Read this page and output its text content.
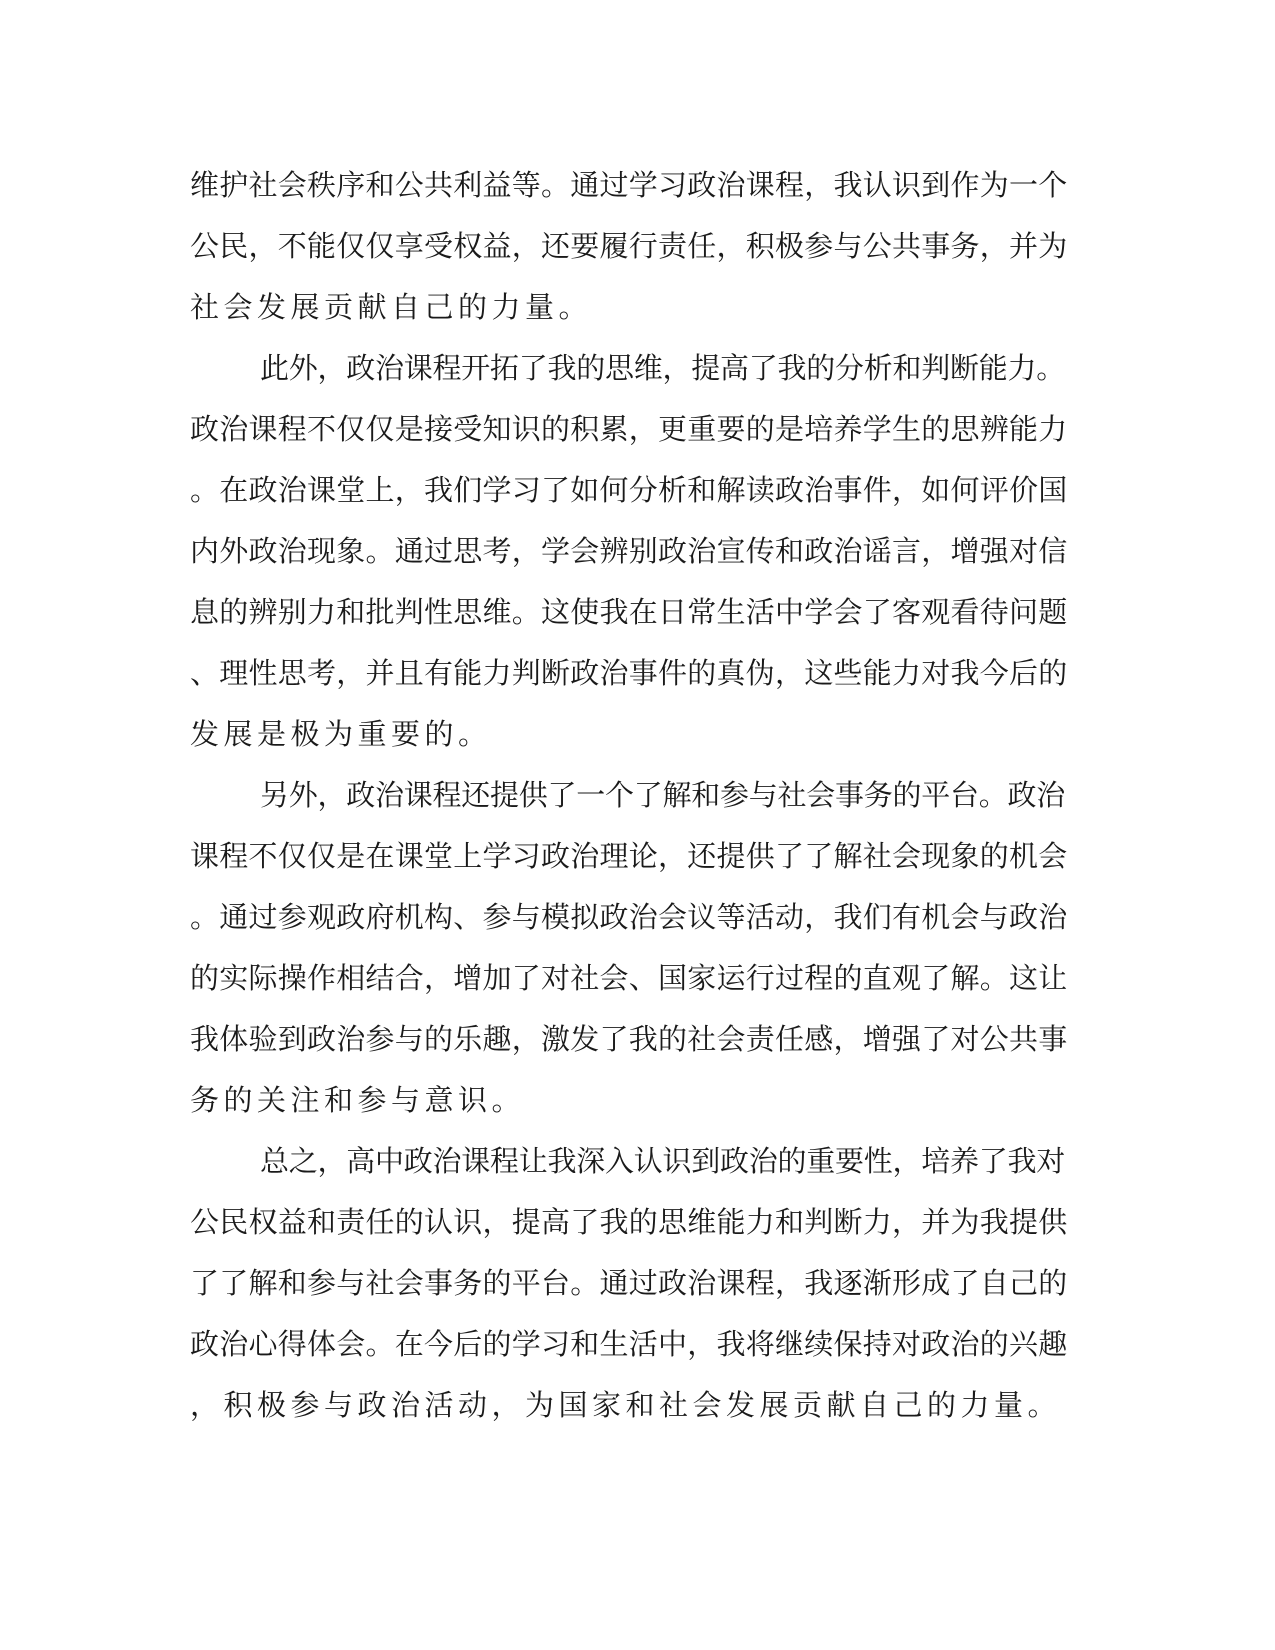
维护社会秩序和公共利益等。通过学习政治课程，我认识到作为一个
公民，不能仅仅享受权益，还要履行责任，积极参与公共事务，并为
社会发展贡献自己的力量。
此外，政治课程开拓了我的思维，提高了我的分析和判断能力。
政治课程不仅仅是接受知识的积累，更重要的是培养学生的思辨能力
。在政治课堂上，我们学习了如何分析和解读政治事件，如何评价国
内外政治现象。通过思考，学会辨别政治宣传和政治谣言，增强对信
息的辨别力和批判性思维。这使我在日常生活中学会了客观看待问题
、理性思考，并且有能力判断政治事件的真伪，这些能力对我今后的
发展是极为重要的。
另外，政治课程还提供了一个了解和参与社会事务的平台。政治
课程不仅仅是在课堂上学习政治理论，还提供了了解社会现象的机会
。通过参观政府机构、参与模拟政治会议等活动，我们有机会与政治
的实际操作相结合，增加了对社会、国家运行过程的直观了解。这让
我体验到政治参与的乐趣，激发了我的社会责任感，增强了对公共事
务的关注和参与意识。
总之，高中政治课程让我深入认识到政治的重要性，培养了我对
公民权益和责任的认识，提高了我的思维能力和判断力，并为我提供
了了解和参与社会事务的平台。通过政治课程，我逐渐形成了自己的
政治心得体会。在今后的学习和生活中，我将继续保持对政治的兴趣
，积极参与政治活动，为国家和社会发展贡献自己的力量。
